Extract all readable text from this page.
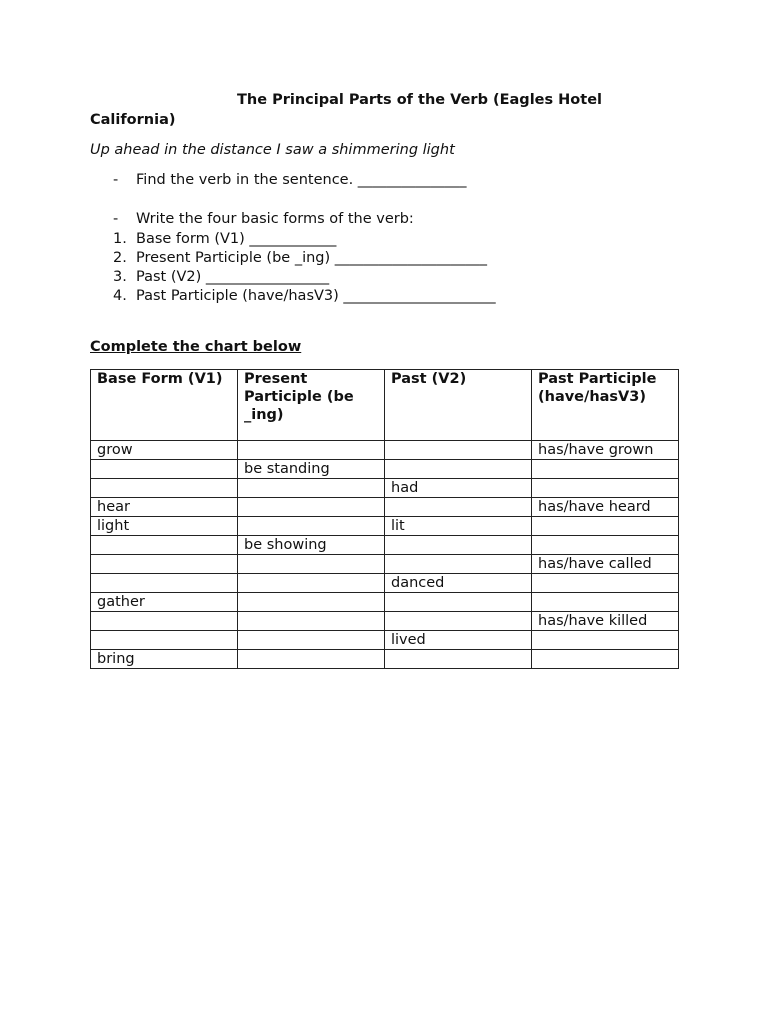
The Principal Parts of the Verb (Eagles Hotel
California)
Up ahead in the distance I saw a shimmering light
- Find the verb in the sentence. _______________
- Write the four basic forms of the verb:
1. Base form (V1) ____________
2. Present Participle (be _ing) _____________________
3. Past (V2) _________________
4. Past Participle (have/hasV3) _____________________
Complete the chart below
Base Form (V1)	Present Participle (be _ing)	Past (V2)	Past Participle (have/hasV3)
grow			has/have grown
	be standing		
		had	
hear			has/have heard
light		lit	
	be showing		
			has/have called
		danced	
gather			
			has/have killed
		lived	
bring			
